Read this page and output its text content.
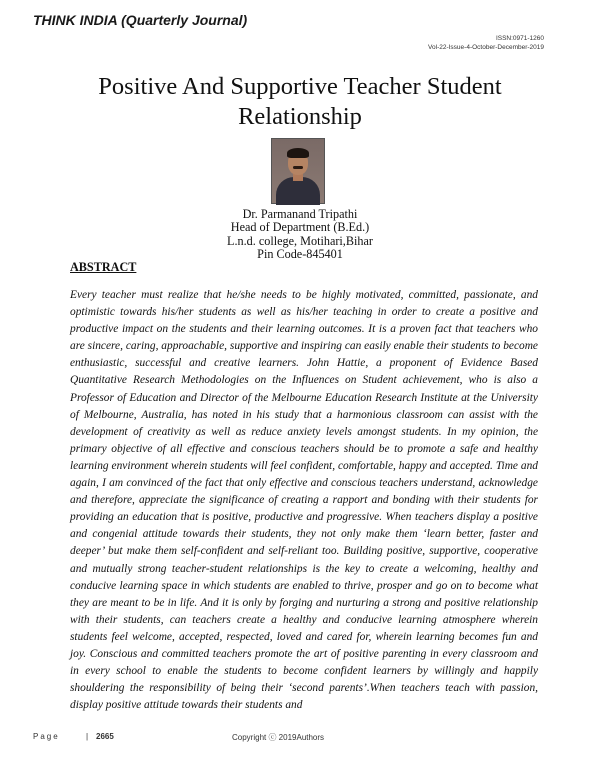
THINK INDIA (Quarterly Journal)
ISSN:0971-1260
Vol-22-Issue-4-October-December-2019
Positive And Supportive Teacher Student Relationship
Dr. Parmanand Tripathi
Head of Department (B.Ed.)
L.n.d. college, Motihari,Bihar
Pin Code-845401
ABSTRACT

Every teacher must realize that he/she needs to be highly motivated, committed, passionate, and optimistic towards his/her students as well as his/her teaching in order to create a positive and productive impact on the students and their learning outcomes. It is a proven fact that teachers who are sincere, caring, approachable, supportive and inspiring can easily enable their students to become enthusiastic, successful and creative learners. John Hattie, a proponent of Evidence Based Quantitative Research Methodologies on the Influences on Student achievement, who is also a Professor of Education and Director of the Melbourne Education Research Institute at the University of Melbourne, Australia, has noted in his study that a harmonious classroom can assist with the development of creativity as well as reduce anxiety levels amongst students. In my opinion, the primary objective of all effective and conscious teachers should be to promote a safe and healthy learning environment wherein students will feel confident, comfortable, happy and accepted. Time and again, I am convinced of the fact that only effective and conscious teachers understand, acknowledge and therefore, appreciate the significance of creating a rapport and bonding with their students for providing an education that is positive, productive and progressive. When teachers display a positive and congenial attitude towards their students, they not only make them ‘learn better, faster and deeper’ but make them self-confident and self-reliant too. Building positive, supportive, cooperative and mutually strong teacher-student relationships is the key to create a welcoming, healthy and conducive learning space in which students are enabled to thrive, prosper and go on to become what they are meant to be in life. And it is only by forging and nurturing a strong and positive relationship with their students, can teachers create a healthy and conducive learning atmosphere wherein students feel welcome, accepted, respected, loved and cared for, wherein learning becomes fun and joy. Conscious and committed teachers promote the art of positive parenting in every classroom and in every school to enable the students to become confident learners by willingly and happily shouldering the responsibility of being their ‘second parents’.When teachers teach with passion, display positive attitude towards their students and

Page	| 2665	Copyright ⓒ 2019Authors
